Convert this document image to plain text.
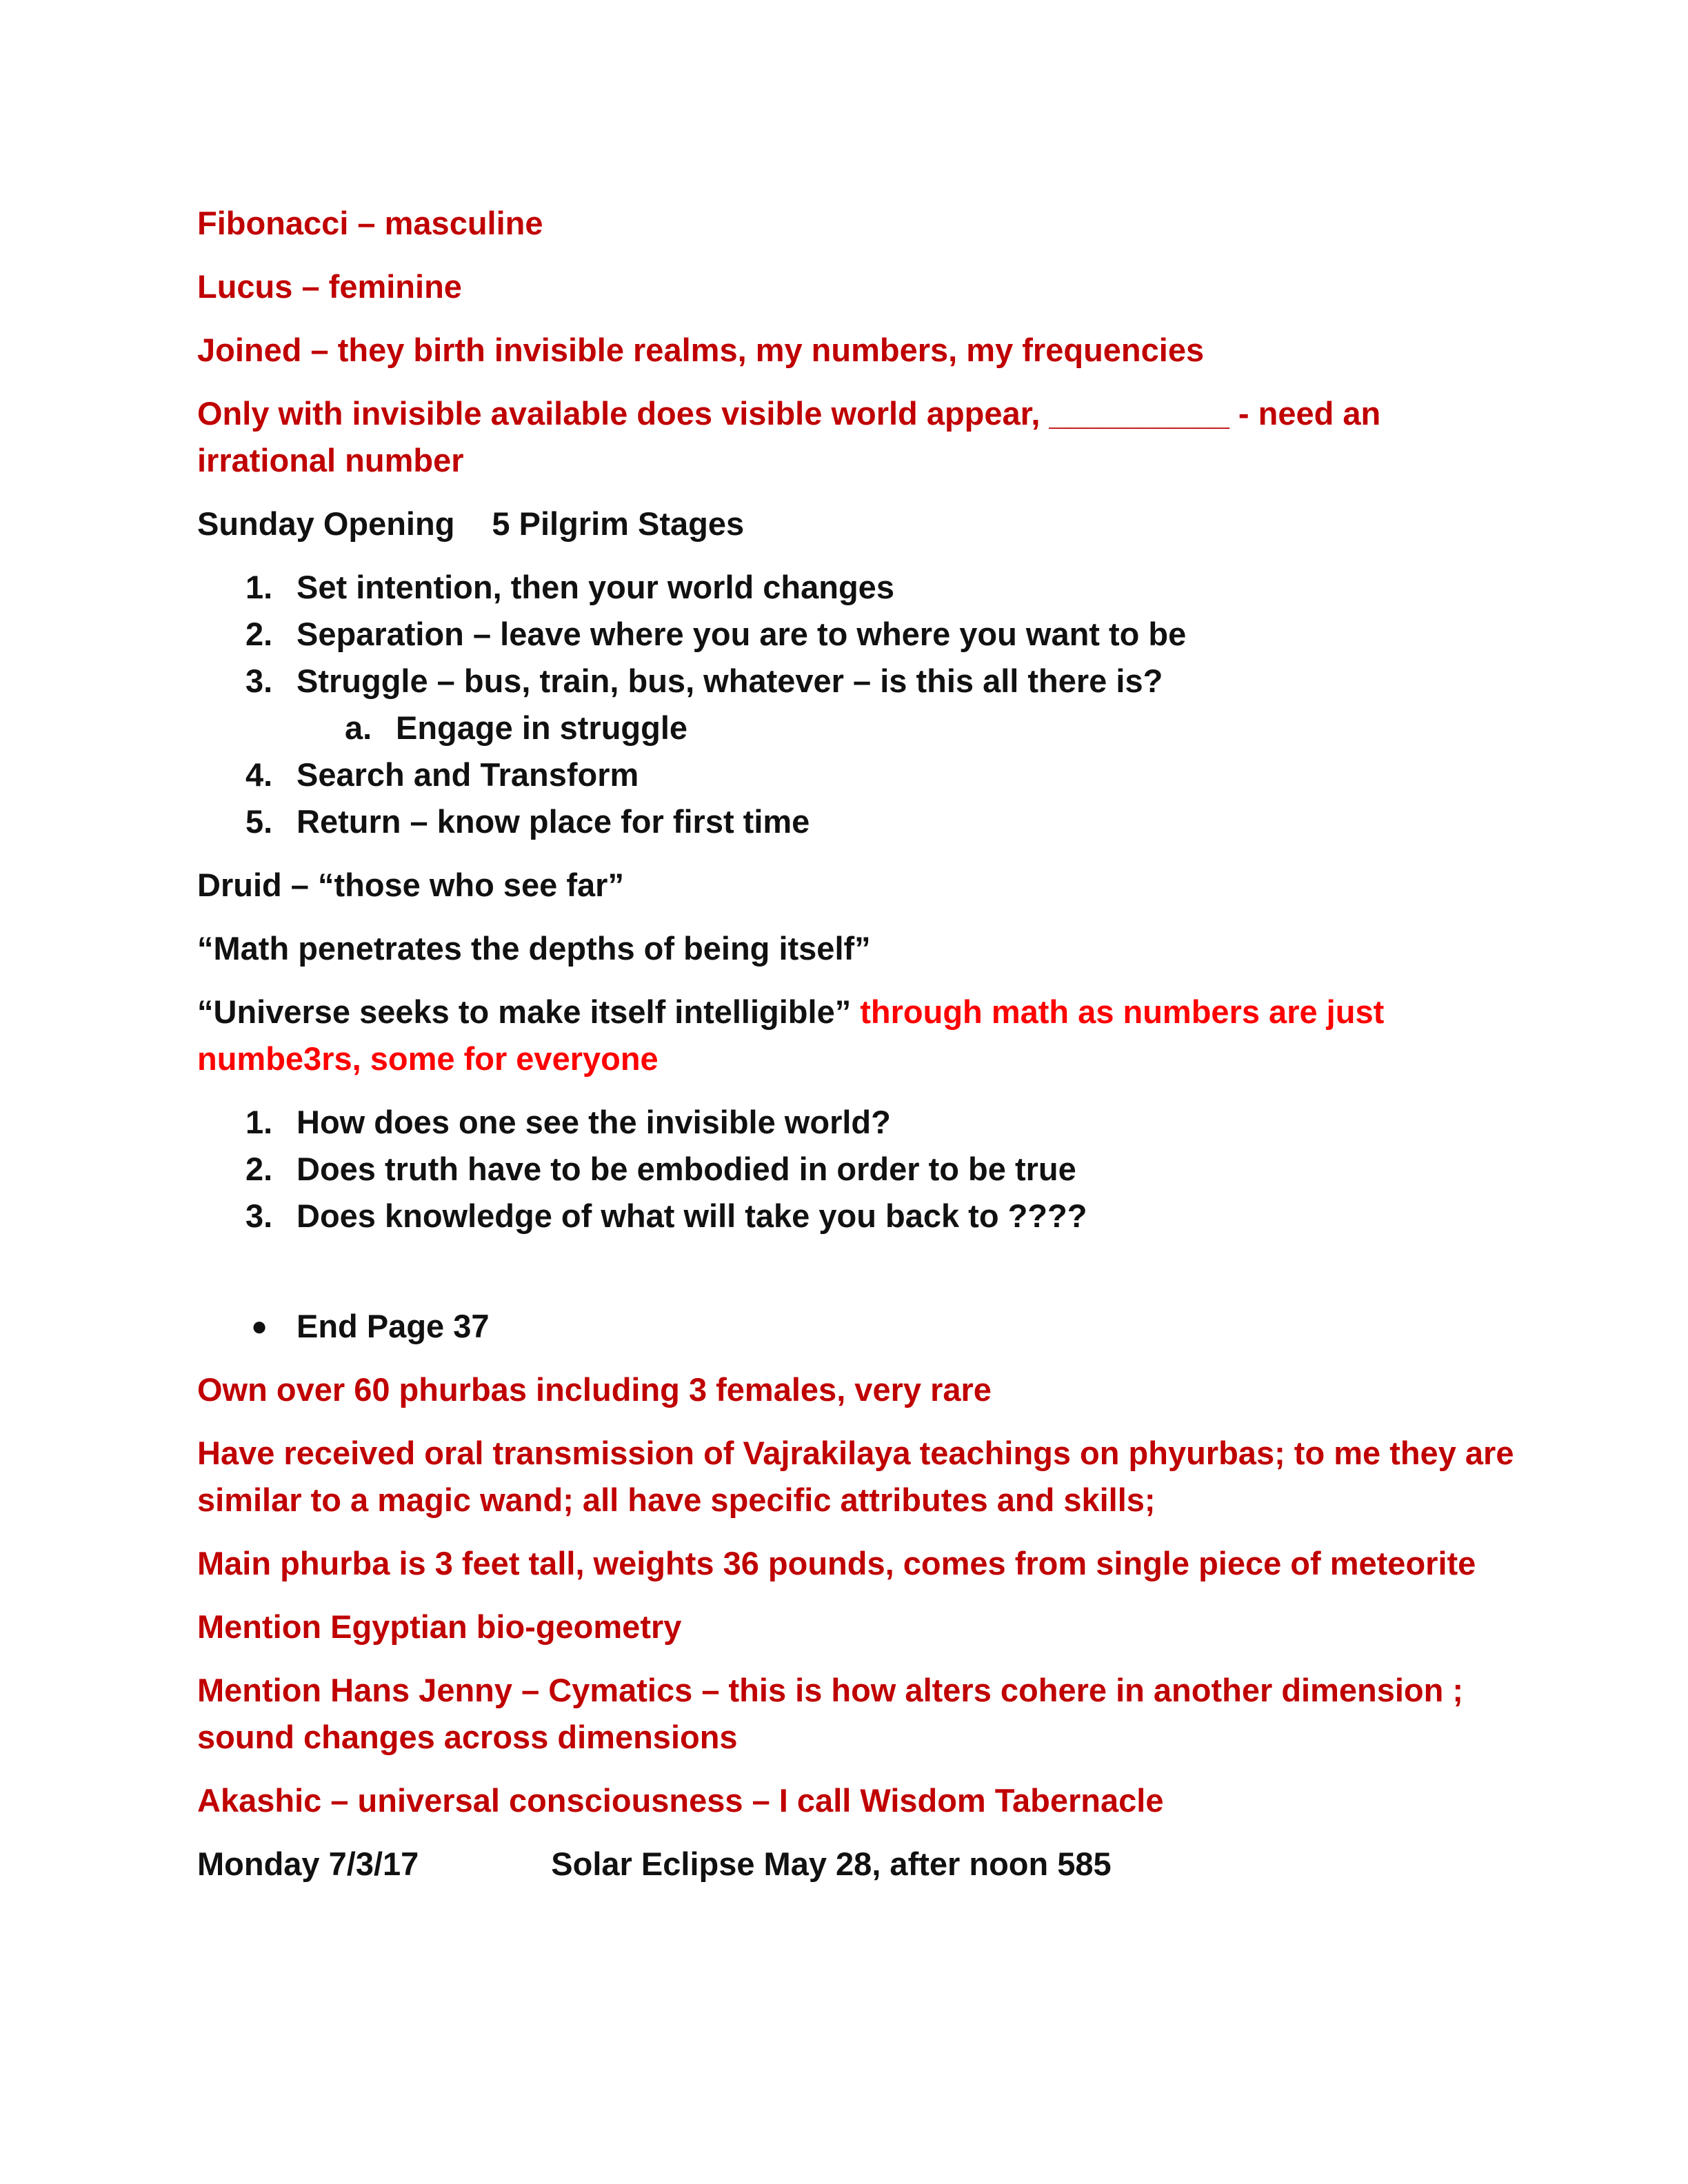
Fibonacci – masculine

Lucus – feminine

Joined – they birth invisible realms, my numbers, my frequencies

Only with invisible available does visible world appear, __________ - need an irrational number

Sunday Opening 5 Pilgrim Stages

1. Set intention, then your world changes
2. Separation – leave where you are to where you want to be
3. Struggle – bus, train, bus, whatever – is this all there is?
a. Engage in struggle
4. Search and Transform
5. Return – know place for first time

Druid – “those who see far”

“Math penetrates the depths of being itself”

“Universe seeks to make itself intelligible” through math as numbers are just numbe3rs, some for everyone

1. How does one see the invisible world?
2. Does truth have to be embodied in order to be true
3. Does knowledge of what will take you back to ????
● End Page 37

Own over 60 phurbas including 3 females, very rare

Have received oral transmission of Vajrakilaya teachings on phyurbas; to me they are similar to a magic wand; all have specific attributes and skills;

Main phurba is 3 feet tall, weights 36 pounds, comes from single piece of meteorite

Mention Egyptian bio-geometry

Mention Hans Jenny – Cymatics – this is how alters cohere in another dimension ; sound changes across dimensions

Akashic – universal consciousness – I call Wisdom Tabernacle

Monday 7/3/17	Solar Eclipse May 28, after noon 585
